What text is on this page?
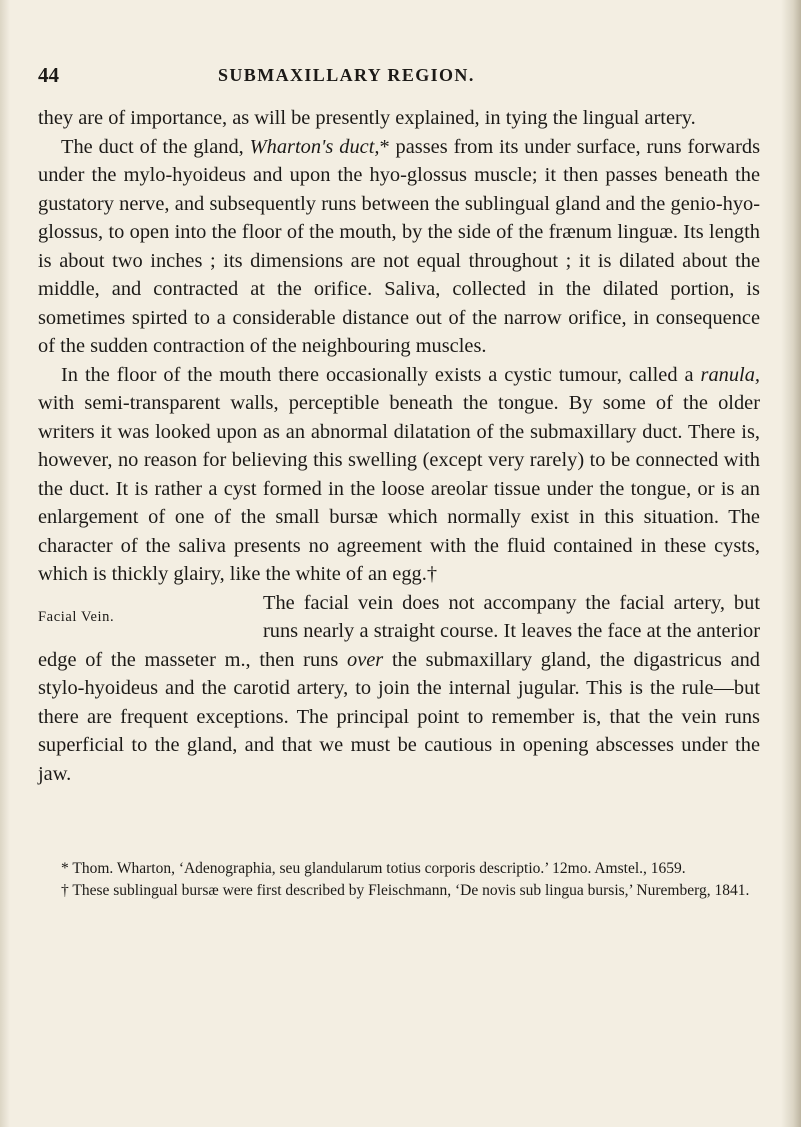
44	SUBMAXILLARY REGION.

they are of importance, as will be presently explained, in tying the lingual artery.

The duct of the gland, Wharton's duct,* passes from its under surface, runs forwards under the mylo-hyoideus and upon the hyo-glossus muscle; it then passes beneath the gustatory nerve, and subsequently runs between the sublingual gland and the genio-hyo-glossus, to open into the floor of the mouth, by the side of the frænum linguæ. Its length is about two inches ; its dimensions are not equal throughout ; it is dilated about the middle, and contracted at the orifice. Saliva, collected in the dilated portion, is sometimes spirted to a considerable distance out of the narrow orifice, in consequence of the sudden contraction of the neighbouring muscles.

In the floor of the mouth there occasionally exists a cystic tumour, called a ranula, with semi-transparent walls, perceptible beneath the tongue. By some of the older writers it was looked upon as an abnormal dilatation of the submaxillary duct. There is, however, no reason for believing this swelling (except very rarely) to be connected with the duct. It is rather a cyst formed in the loose areolar tissue under the tongue, or is an enlargement of one of the small bursæ which normally exist in this situation. The character of the saliva presents no agreement with the fluid contained in these cysts, which is thickly glairy, like the white of an egg.†

Facial Vein.
The facial vein does not accompany the facial artery, but runs nearly a straight course. It leaves the face at the anterior edge of the masseter m., then runs over the submaxillary gland, the digastricus and stylo-hyoideus and the carotid artery, to join the internal jugular. This is the rule—but there are frequent exceptions. The principal point to remember is, that the vein runs superficial to the gland, and that we must be cautious in opening abscesses under the jaw.

* Thom. Wharton, ‘Adenographia, seu glandularum totius corporis descriptio.’ 12mo. Amstel., 1659.

† These sublingual bursæ were first described by Fleischmann, ‘De novis sub lingua bursis,’ Nuremberg, 1841.
